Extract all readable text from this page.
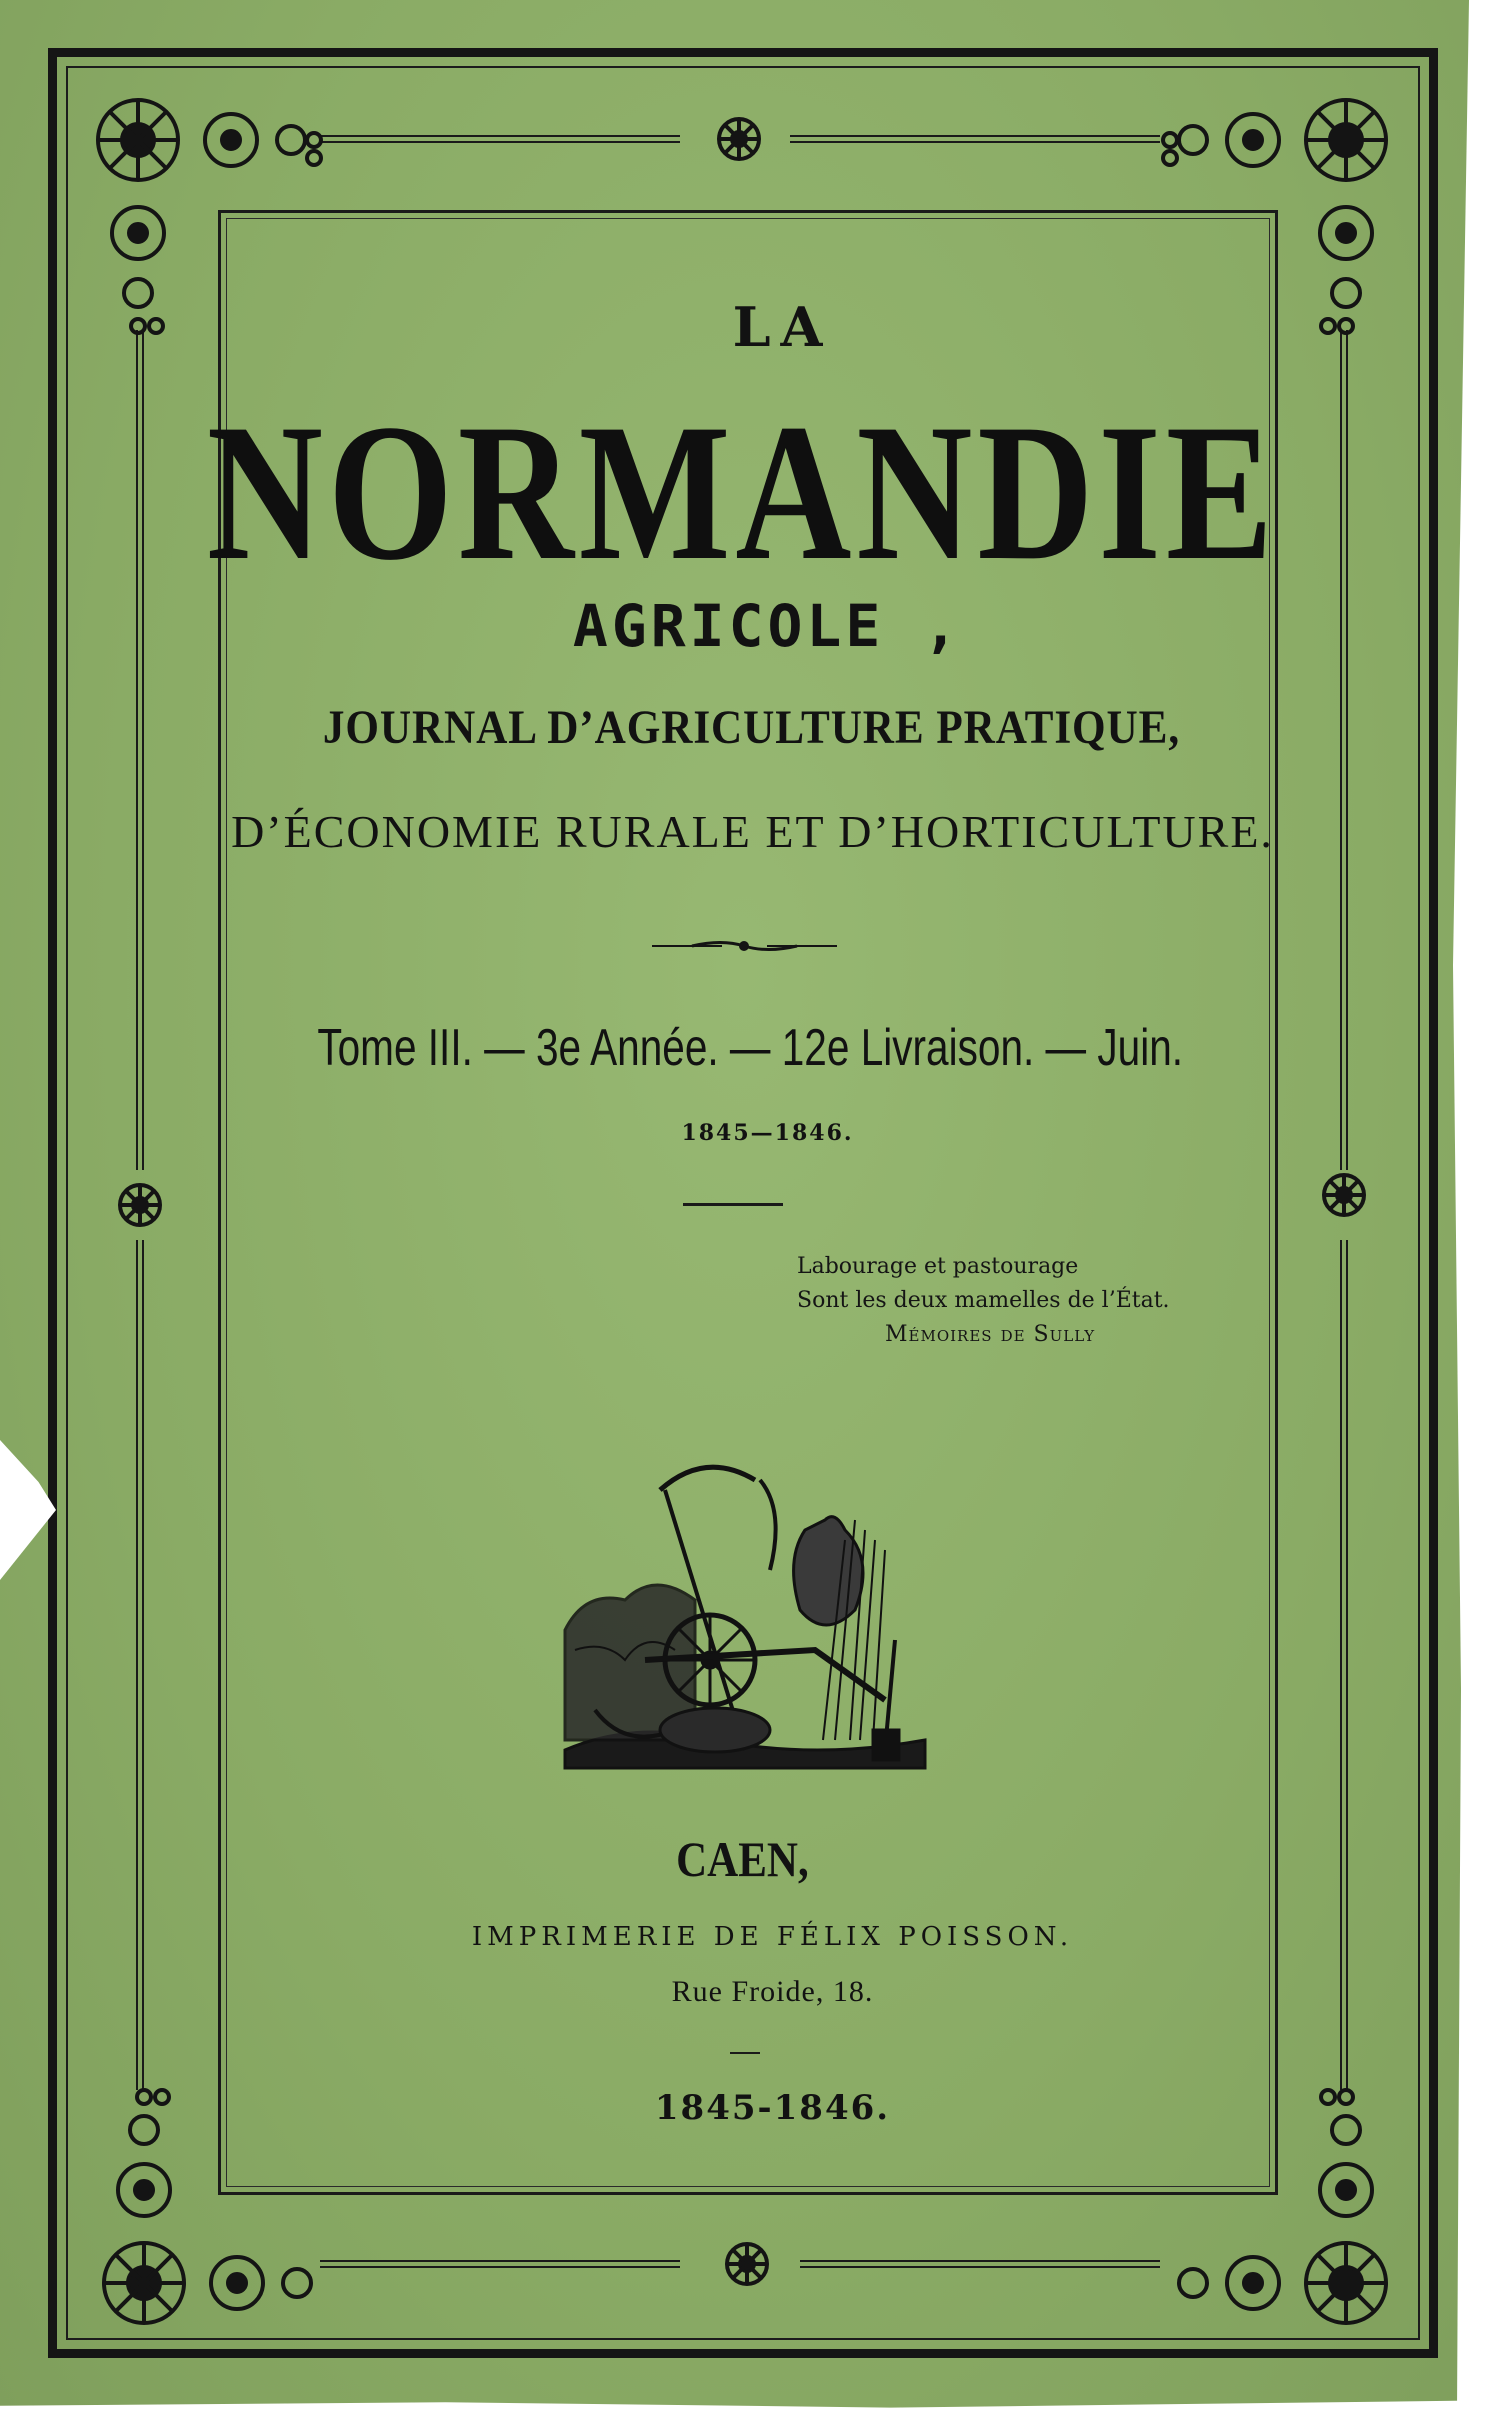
LA
NORMANDIE
AGRICOLE ,
JOURNAL D’AGRICULTURE PRATIQUE,
D’ÉCONOMIE RURALE ET D’HORTICULTURE.
Tome III. — 3e Année. — 12e Livraison. — Juin.
1845—1846.
Labourage et pastourage
Sont les deux mamelles de l’État.
Mémoires de Sully
CAEN,
IMPRIMERIE DE FÉLIX POISSON.
Rue Froide, 18.
1845-1846.
